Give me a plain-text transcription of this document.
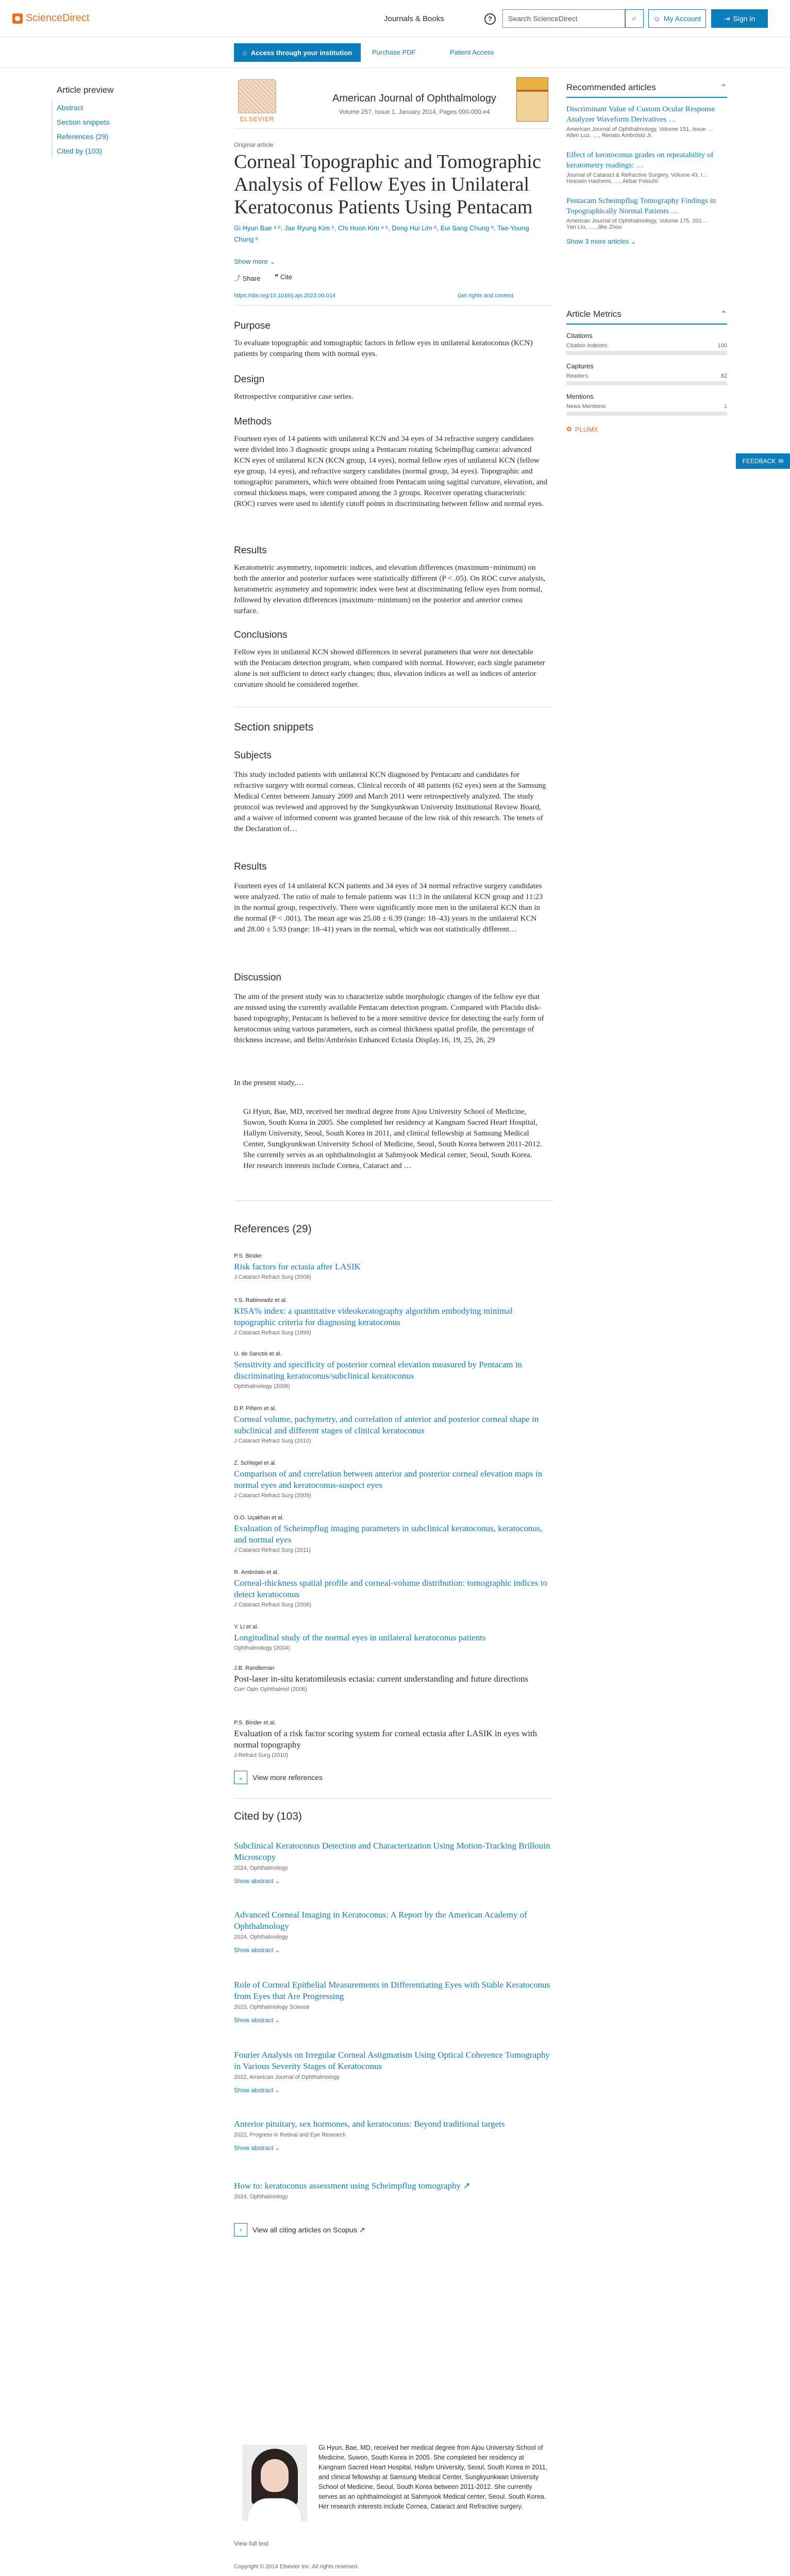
ScienceDirect	Journals & Books	?	Search ScienceDirect	⌕	☺ My Account	⇥ Sign in
⌂ Access through your institution	Purchase PDF	Patient Access
Article preview
Abstract
Section snippets
References (29)
Cited by (103)
ELSEVIER
American Journal of Ophthalmology
Volume 257, Issue 1, January 2014, Pages 000-000.e4
Original article
Corneal Topographic and Tomographic Analysis of Fellow Eyes in Unilateral Keratoconus Patients Using Pentacam
Gi Hyun Bae ᵃ ᵇ, Jae Ryung Kim ᵇ, Chi Hoon Kim ᵃ ᵇ, Dong Hui Lim ᵇ, Eui Sang Chung ᵇ, Tae-Young Chung ᵇ
Show more ⌄
⤴ Share ❞ Cite
https://doi.org/10.1016/j.ajo.2023.00.014	Get rights and content
Purpose
To evaluate topographic and tomographic factors in fellow eyes in unilateral keratoconus (KCN) patients by comparing them with normal eyes.
Design
Retrospective comparative case series.
Methods
Fourteen eyes of 14 patients with unilateral KCN and 34 eyes of 34 refractive surgery candidates were divided into 3 diagnostic groups using a Pentacam rotating Scheimpflug camera: advanced KCN eyes of unilateral KCN (KCN group, 14 eyes), normal fellow eyes of unilateral KCN (fellow eye group, 14 eyes), and refractive surgery candidates (normal group, 34 eyes). Topographic and tomographic parameters, which were obtained from Pentacam using sagittal curvature, elevation, and corneal thickness maps, were compared among the 3 groups. Receiver operating characteristic (ROC) curves were used to identify cutoff points in discriminating between fellow and normal eyes.
Results
Keratometric asymmetry, topometric indices, and elevation differences (maximum−minimum) on both the anterior and posterior surfaces were statistically different (P < .05). On ROC curve analysis, keratometric asymmetry and topometric index were best at discriminating fellow eyes from normal, followed by elevation differences (maximum−minimum) on the posterior and anterior cornea surface.
Conclusions
Fellow eyes in unilateral KCN showed differences in several parameters that were not detectable with the Pentacam detection program, when compared with normal. However, each single parameter alone is not sufficient to detect early changes; thus, elevation indices as well as indices of anterior curvature should be considered together.
Section snippets
Subjects
This study included patients with unilateral KCN diagnosed by Pentacam and candidates for refractive surgery with normal corneas. Clinical records of 48 patients (62 eyes) seen at the Samsung Medical Center between January 2009 and March 2011 were retrospectively analyzed. The study protocol was reviewed and approved by the Sungkyunkwan University Institutional Review Board, and a waiver of informed consent was granted because of the low risk of this research. The tenets of the Declaration of…
Results
Fourteen eyes of 14 unilateral KCN patients and 34 eyes of 34 normal refractive surgery candidates were analyzed. The ratio of male to female patients was 11:3 in the unilateral KCN group and 11:23 in the normal group, respectively. There were significantly more men in the unilateral KCN than in the normal (P < .001). The mean age was 25.08 ± 6.39 (range: 18–43) years in the unilateral KCN and 28.00 ± 5.93 (range: 18–41) years in the normal, which was not statistically different…
Discussion
The aim of the present study was to characterize subtle morphologic changes of the fellow eye that are missed using the currently available Pentacam detection program. Compared with Placido disk-based topography, Pentacam is believed to be a more sensitive device for detecting the early form of keratoconus using various parameters, such as corneal thickness spatial profile, the percentage of thickness increase, and Belin/Ambrósio Enhanced Ectasia Display.16, 19, 25, 26, 29
In the present study,…
Gi Hyun, Bae, MD, received her medical degree from Ajou University School of Medicine, Suwon, South Korea in 2005. She completed her residency at Kangnam Sacred Heart Hospital, Hallym University, Seoul, South Korea in 2011, and clinical fellowship at Samsung Medical Center, Sungkyunkwan University School of Medicine, Seoul, South Korea between 2011-2012. She currently serves as an ophthalmologist at Sahmyook Medical center, Seoul, South Korea. Her research interests include Cornea, Cataract and …
References (29)
P.S. Binder
Risk factors for ectasia after LASIK
J Cataract Refract Surg (2008)
Y.S. Rabinowitz et al.
KISA% index: a quantitative videokeratography algorithm embodying minimal topographic criteria for diagnosing keratoconus
J Cataract Refract Surg (1999)
U. de Sanctis et al.
Sensitivity and specificity of posterior corneal elevation measured by Pentacam in discriminating keratoconus/subclinical keratoconus
Ophthalmology (2008)
D.P. Piñero et al.
Corneal volume, pachymetry, and correlation of anterior and posterior corneal shape in subclinical and different stages of clinical keratoconus
J Cataract Refract Surg (2010)
Z. Schlegel et al.
Comparison of and correlation between anterior and posterior corneal elevation maps in normal eyes and keratoconus-suspect eyes
J Cataract Refract Surg (2009)
O.O. Uçakhan et al.
Evaluation of Scheimpflug imaging parameters in subclinical keratoconus, keratoconus, and normal eyes
J Cataract Refract Surg (2011)
R. Ambrósio et al.
Corneal-thickness spatial profile and corneal-volume distribution: tomographic indices to detect keratoconus
J Cataract Refract Surg (2006)
Y. Li et al.
Longitudinal study of the normal eyes in unilateral keratoconus patients
Ophthalmology (2004)
J.B. Randleman
Post-laser in-situ keratomileusis ectasia: current understanding and future directions
Curr Opin Ophthalmol (2006)
P.S. Binder et al.
Evaluation of a risk factor scoring system for corneal ectasia after LASIK in eyes with normal topography
J Refract Surg (2010)
⌄	View more references
Cited by (103)
Subclinical Keratoconus Detection and Characterization Using Motion-Tracking Brillouin Microscopy
2024, Ophthalmology
Show abstract ⌄
Advanced Corneal Imaging in Keratoconus: A Report by the American Academy of Ophthalmology
2024, Ophthalmology
Show abstract ⌄
Role of Corneal Epithelial Measurements in Differentiating Eyes with Stable Keratoconus from Eyes that Are Progressing
2023, Ophthalmology Science
Show abstract ⌄
Fourier Analysis on Irregular Corneal Astigmatism Using Optical Coherence Tomography in Various Severity Stages of Keratoconus
2022, American Journal of Ophthalmology
Show abstract ⌄
Anterior pituitary, sex hormones, and keratoconus: Beyond traditional targets
2022, Progress in Retinal and Eye Research
Show abstract ⌄
How to: keratoconus assessment using Scheimpflug tomography ↗
2024, Ophthalmology
›	View all citing articles on Scopus ↗
Gi Hyun, Bae, MD, received her medical degree from Ajou University School of Medicine, Suwon, South Korea in 2005. She completed her residency at Kangnam Sacred Heart Hospital, Hallym University, Seoul, South Korea in 2011, and clinical fellowship at Samsung Medical Center, Sungkyunkwan University School of Medicine, Seoul, South Korea between 2011-2012. She currently serves as an ophthalmologist at Sahmyook Medical center, Seoul, South Korea. Her research interests include Cornea, Cataract and Refractive surgery.
View full text
Copyright © 2014 Elsevier Inc. All rights reserved.
Recommended articles	⌃
Discriminant Value of Custom Ocular Response Analyzer Waveform Derivatives …
American Journal of Ophthalmology, Volume 151, Issue …
Allen Luz, …, Renato Ambrósio Jr.
Effect of keratoconus grades on repeatability of keratometry readings: …
Journal of Cataract & Refractive Surgery, Volume 43, I…
Hossein Hashemi, …, Akbar Fotouhi
Pentacam Scheimpflug Tomography Findings in Topographically Normal Patients …
American Journal of Ophthalmology, Volume 175, 201…
Yan Liu, …, Jike Zhou
Show 3 more articles ⌄
Article Metrics	⌃
Citations
Citation Indexes:	100
Captures
Readers:	82
Mentions
News Mentions:	1
✿ PLUMX
FEEDBACK ✉
